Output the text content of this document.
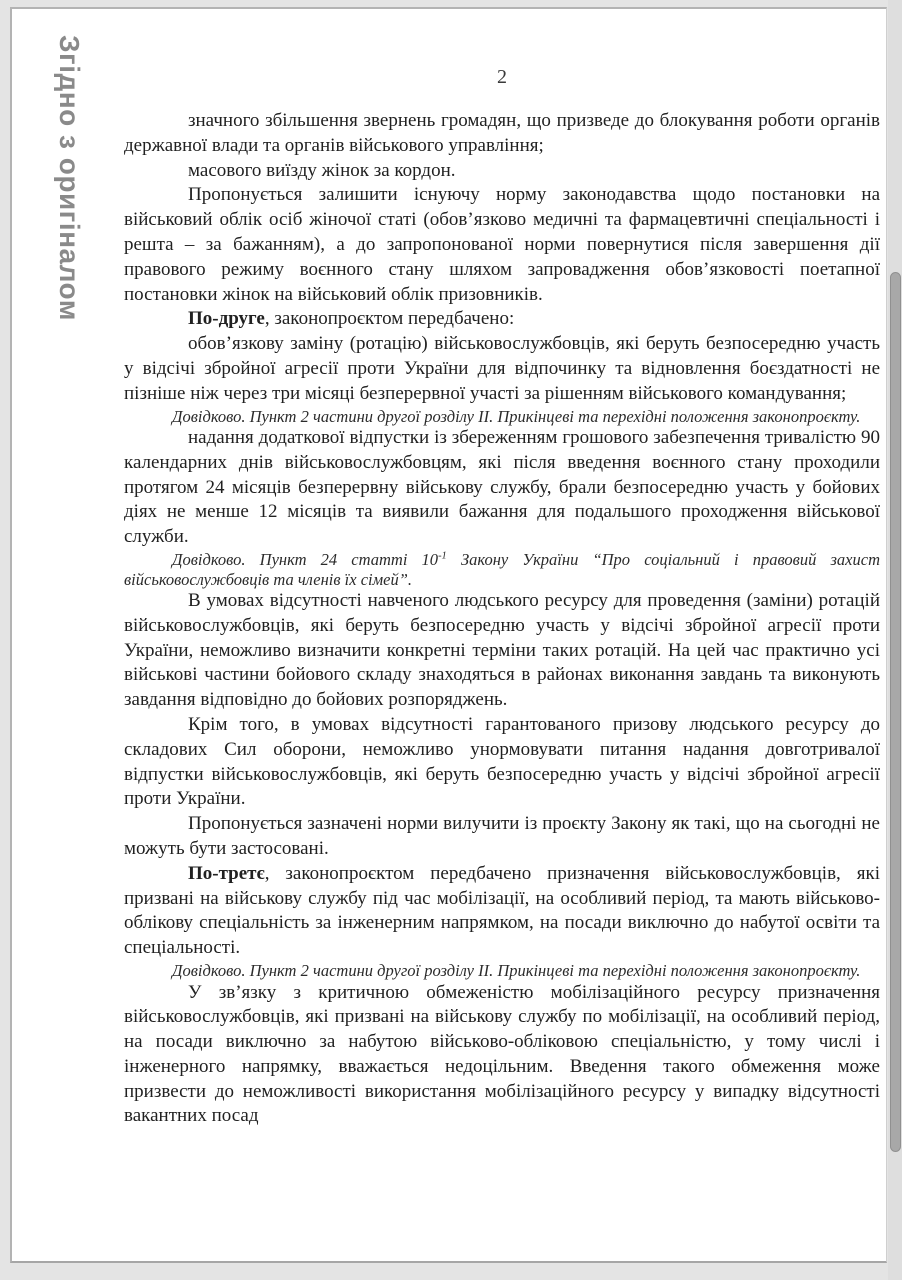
Згідно з оригіналом	2

значного збільшення звернень громадян, що призведе до блокування роботи органів державної влади та органів військового управління;

масового виїзду жінок за кордон.

Пропонується залишити існуючу норму законодавства щодо постановки на військовий облік осіб жіночої статі (обов’язково медичні та фармацевтичні спеціальності і решта – за бажанням), а до запропонованої норми повернутися після завершення дії правового режиму воєнного стану шляхом запровадження обов’язковості поетапної постановки жінок на військовий облік призовників.

По-друге, законопроєктом передбачено:

обов’язкову заміну (ротацію) військовослужбовців, які беруть безпосередню участь у відсічі збройної агресії проти України для відпочинку та відновлення боєздатності не пізніше ніж через три місяці безперервної участі за рішенням військового командування;

Довідково. Пункт 2 частини другої розділу II. Прикінцеві та перехідні положення законопроєкту.

надання додаткової відпустки із збереженням грошового забезпечення тривалістю 90 календарних днів військовослужбовцям, які після введення воєнного стану проходили протягом 24 місяців безперервну військову службу, брали безпосередню участь у бойових діях не менше 12 місяців та виявили бажання для подальшого проходження військової служби.

Довідково. Пункт 24 статті $10^{-1}$ Закону України “Про соціальний і правовий захист військовослужбовців та членів їх сімей”.

В умовах відсутності навченого людського ресурсу для проведення (заміни) ротацій військовослужбовців, які беруть безпосередню участь у відсічі збройної агресії проти України, неможливо визначити конкретні терміни таких ротацій. На цей час практично усі військові частини бойового складу знаходяться в районах виконання завдань та виконують завдання відповідно до бойових розпоряджень.

Крім того, в умовах відсутності гарантованого призову людського ресурсу до складових Сил оборони, неможливо унормовувати питання надання довготривалої відпустки військовослужбовців, які беруть безпосередню участь у відсічі збройної агресії проти України.

Пропонується зазначені норми вилучити із проєкту Закону як такі, що на сьогодні не можуть бути застосовані.

По-третє, законопроєктом передбачено призначення військовослужбовців, які призвані на військову службу під час мобілізації, на особливий період, та мають військово-облікову спеціальність за інженерним напрямком, на посади виключно до набутої освіти та спеціальності.

Довідково. Пункт 2 частини другої розділу II. Прикінцеві та перехідні положення законопроєкту.

У зв’язку з критичною обмеженістю мобілізаційного ресурсу призначення військовослужбовців, які призвані на військову службу по мобілізації, на особливий період, на посади виключно за набутою військово-обліковою спеціальністю, у тому числі і інженерного напрямку, вважається недоцільним. Введення такого обмеження може призвести до неможливості використання мобілізаційного ресурсу у випадку відсутності вакантних посад
